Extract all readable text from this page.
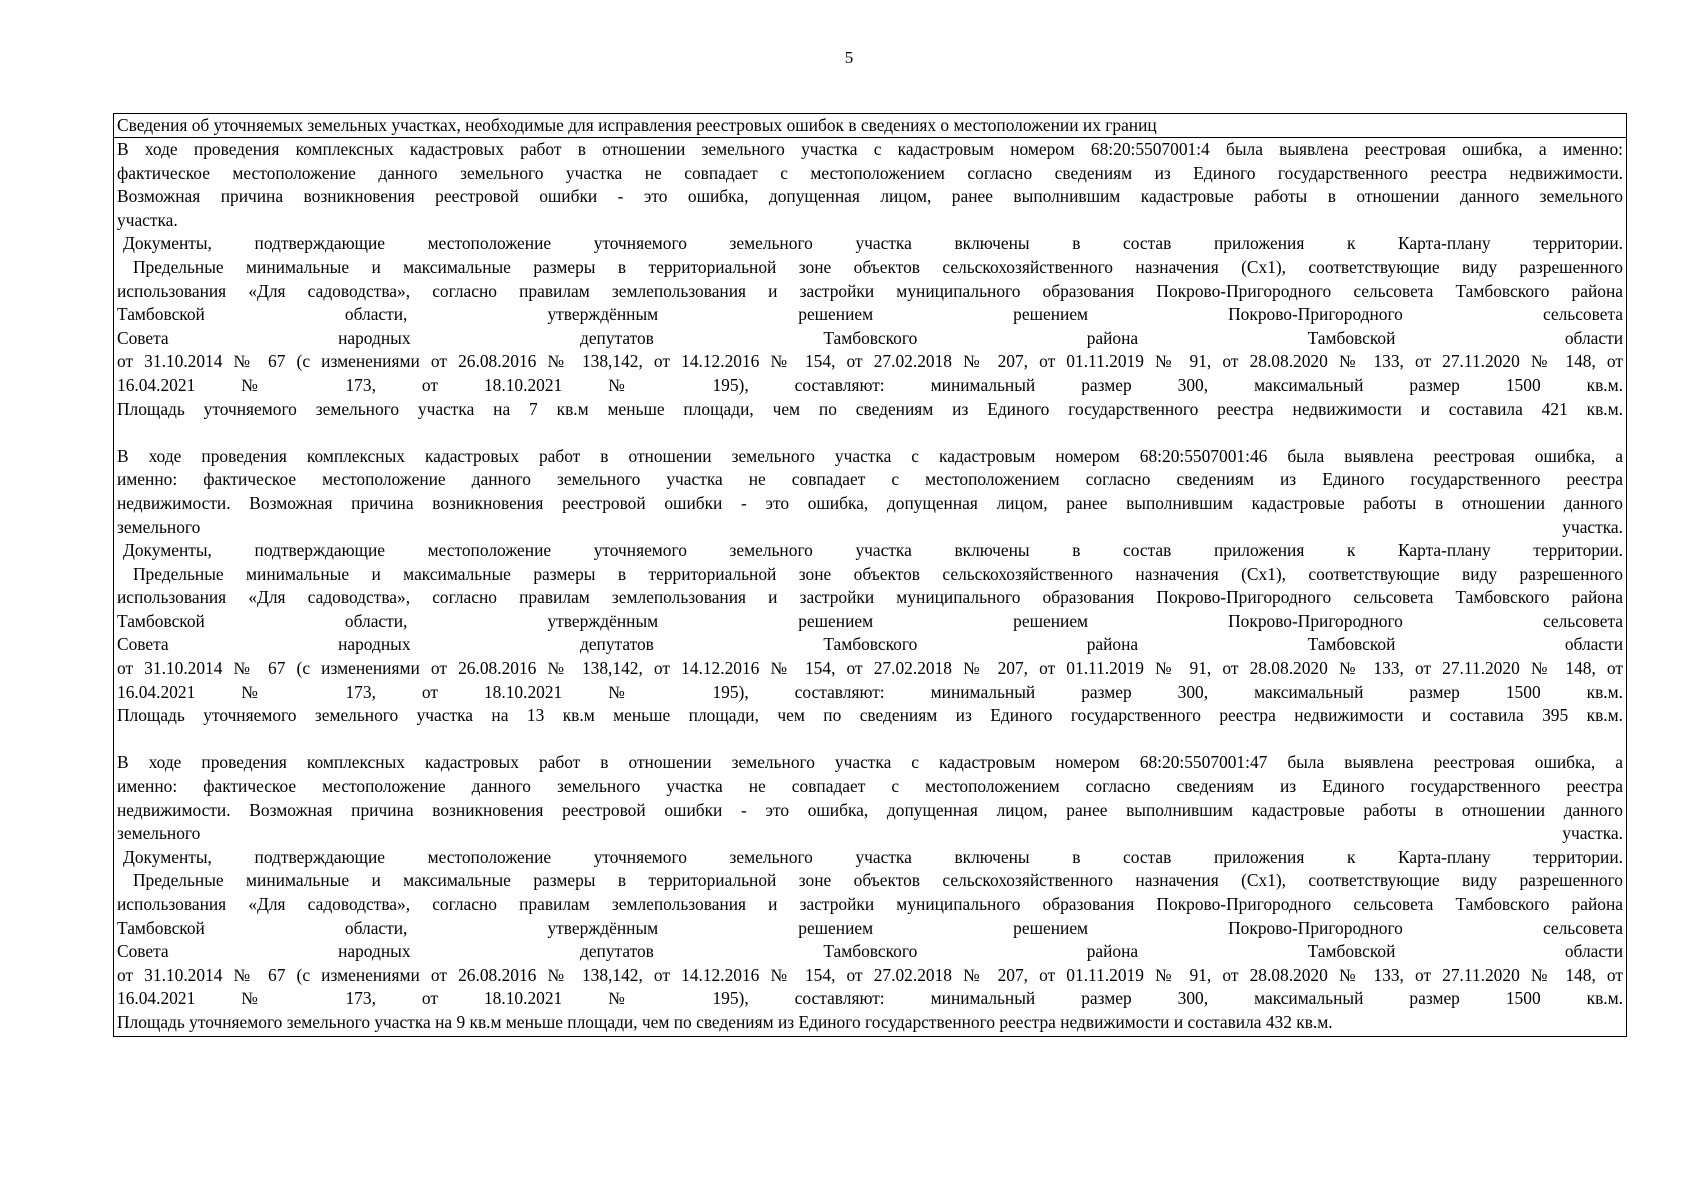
5
Сведения об уточняемых земельных участках, необходимые для исправления реестровых ошибок в сведениях о местоположении их границ
В ходе проведения комплексных кадастровых работ в отношении земельного участка с кадастровым номером 68:20:5507001:4 была выявлена реестровая ошибка, а именно:
фактическое местоположение данного земельного участка не совпадает с местоположением согласно сведениям из Единого государственного реестра недвижимости.
Возможная причина возникновения реестровой ошибки - это ошибка, допущенная лицом, ранее выполнившим кадастровые работы в отношении данного земельного
участка.
Документы, подтверждающие местоположение уточняемого земельного участка включены в состав приложения к Карта-плану территории.
Предельные минимальные и максимальные размеры в территориальной зоне объектов сельскохозяйственного назначения (Сх1), соответствующие виду разрешенного
использования «Для садоводства», согласно правилам землепользования и застройки муниципального образования Покрово-Пригородного сельсовета Тамбовского района
Тамбовской области, утверждённым решением решением Покрово-Пригородного сельсовета
Совета народных депутатов Тамбовского района Тамбовской области
от 31.10.2014 № 67 (с изменениями от 26.08.2016 № 138,142, от 14.12.2016 № 154, от 27.02.2018 № 207, от 01.11.2019 № 91, от 28.08.2020 № 133, от 27.11.2020 № 148, от
16.04.2021 № 173, от 18.10.2021 № 195), составляют: минимальный размер 300, максимальный размер 1500 кв.м.
Площадь уточняемого земельного участка на 7 кв.м меньше площади, чем по сведениям из Единого государственного реестра недвижимости и составила 421 кв.м.
В ходе проведения комплексных кадастровых работ в отношении земельного участка с кадастровым номером 68:20:5507001:46 была выявлена реестровая ошибка, а
именно: фактическое местоположение данного земельного участка не совпадает с местоположением согласно сведениям из Единого государственного реестра
недвижимости. Возможная причина возникновения реестровой ошибки - это ошибка, допущенная лицом, ранее выполнившим кадастровые работы в отношении данного
земельного участка.
Документы, подтверждающие местоположение уточняемого земельного участка включены в состав приложения к Карта-плану территории.
Предельные минимальные и максимальные размеры в территориальной зоне объектов сельскохозяйственного назначения (Сх1), соответствующие виду разрешенного
использования «Для садоводства», согласно правилам землепользования и застройки муниципального образования Покрово-Пригородного сельсовета Тамбовского района
Тамбовской области, утверждённым решением решением Покрово-Пригородного сельсовета
Совета народных депутатов Тамбовского района Тамбовской области
от 31.10.2014 № 67 (с изменениями от 26.08.2016 № 138,142, от 14.12.2016 № 154, от 27.02.2018 № 207, от 01.11.2019 № 91, от 28.08.2020 № 133, от 27.11.2020 № 148, от
16.04.2021 № 173, от 18.10.2021 № 195), составляют: минимальный размер 300, максимальный размер 1500 кв.м.
Площадь уточняемого земельного участка на 13 кв.м меньше площади, чем по сведениям из Единого государственного реестра недвижимости и составила 395 кв.м.
В ходе проведения комплексных кадастровых работ в отношении земельного участка с кадастровым номером 68:20:5507001:47 была выявлена реестровая ошибка, а
именно: фактическое местоположение данного земельного участка не совпадает с местоположением согласно сведениям из Единого государственного реестра
недвижимости. Возможная причина возникновения реестровой ошибки - это ошибка, допущенная лицом, ранее выполнившим кадастровые работы в отношении данного
земельного участка.
Документы, подтверждающие местоположение уточняемого земельного участка включены в состав приложения к Карта-плану территории.
Предельные минимальные и максимальные размеры в территориальной зоне объектов сельскохозяйственного назначения (Сх1), соответствующие виду разрешенного
использования «Для садоводства», согласно правилам землепользования и застройки муниципального образования Покрово-Пригородного сельсовета Тамбовского района
Тамбовской области, утверждённым решением решением Покрово-Пригородного сельсовета
Совета народных депутатов Тамбовского района Тамбовской области
от 31.10.2014 № 67 (с изменениями от 26.08.2016 № 138,142, от 14.12.2016 № 154, от 27.02.2018 № 207, от 01.11.2019 № 91, от 28.08.2020 № 133, от 27.11.2020 № 148, от
16.04.2021 № 173, от 18.10.2021 № 195), составляют: минимальный размер 300, максимальный размер 1500 кв.м.
Площадь уточняемого земельного участка на 9 кв.м меньше площади, чем по сведениям из Единого государственного реестра недвижимости и составила 432 кв.м.
